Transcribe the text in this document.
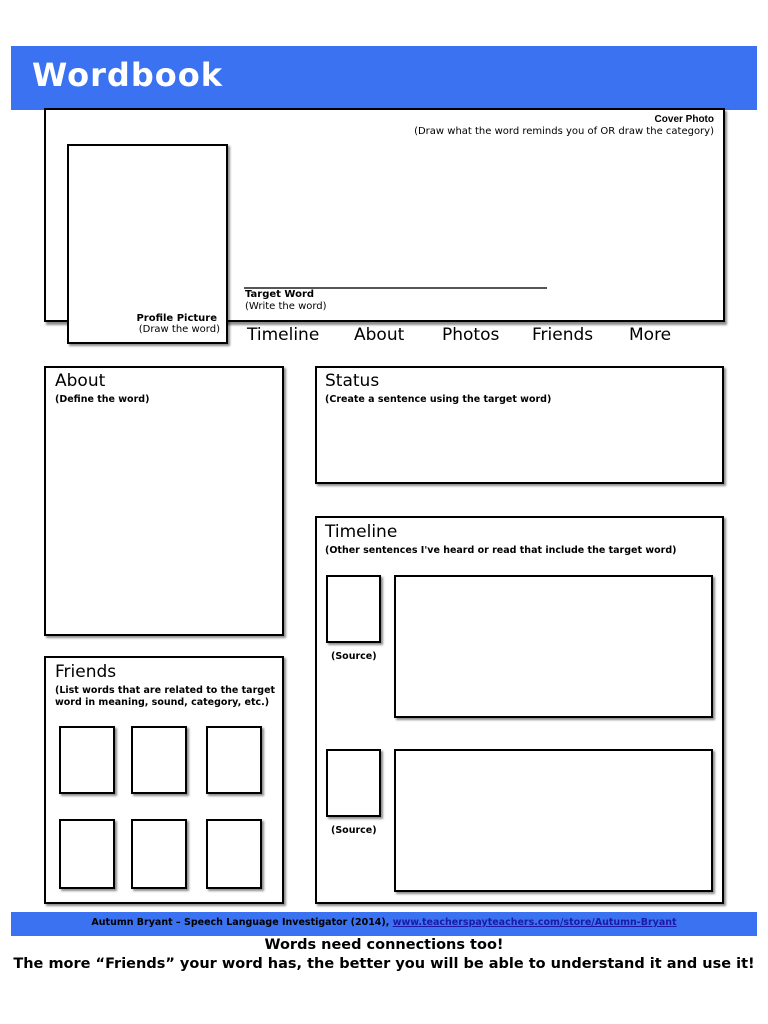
Wordbook
Cover Photo
(Draw what the word reminds you of OR draw the category)
Profile Picture
(Draw the word)
Target Word
(Write the word)
Timeline About Photos Friends More
About
(Define the word)
Status
(Create a sentence using the target word)
Timeline
(Other sentences I've heard or read that include the target word)
(Source)
(Source)
Friends
(List words that are related to the target
word in meaning, sound, category, etc.)
Autumn Bryant – Speech Language Investigator (2014), www.teacherspayteachers.com/store/Autumn-Bryant
Words need connections too!
The more “Friends” your word has, the better you will be able to understand it and use it!
